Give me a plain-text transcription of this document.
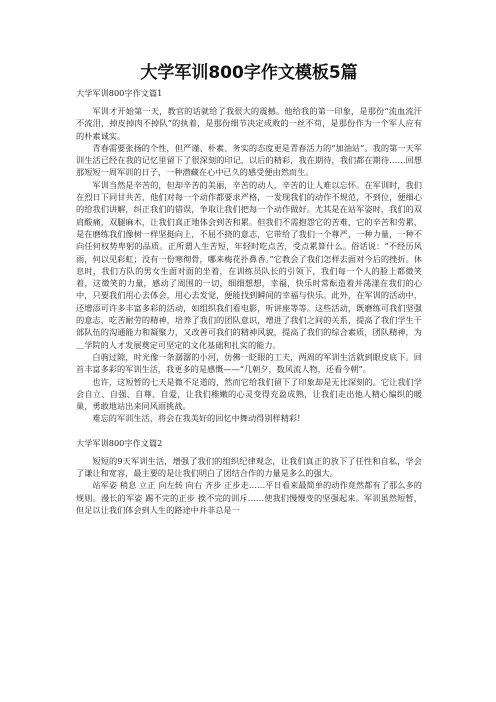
大学军训800字作文模板5篇
大学军训800字作文篇1

军训才开始第一天，教官的话就给了我很大的震撼。他给我的第一印象，是那份“流血流汗不流泪，掉皮掉肉不掉队”的执着，是那份细节决定成败的一丝不苟，是那份作为一个军人应有的朴素诚实。

青春需要张扬的个性，但严谨、朴素、务实的态度更是青春活力的“加油站”。我的第一天军训生活已经在我的记忆里留下了很深刻的印记，以后的精彩，我在期待，我们都在期待……回想那短短一周军训的日子，一种潜藏在心中已久的感受便由然而生。

军训当然是辛苦的，但却辛苦的美丽，辛苦的动人，辛苦的让人难以忘怀。在军训时，我们在烈日下同甘共苦，他们对每一个动作都要求严格，一发现我们的动作不规范，不到位，便细心的给我们讲解，纠正我们的错误，争取让我们把每一个动作做好。尤其是在站军姿时，我们的双肩酸痛，双腿麻木，让我们真正地体会到苦和累。但我们不需抱怨它的苦难，它的辛苦和劳累，是在磨练我们像树一样坚挺向上，不屈不挠的意志，它带给了我们一个尊严，一种力量，一种不向任何权势卑躬的品质。正所谓人生苦短，年轻时吃点苦，受点累算什么。俗话说：“不经历风雨，何以见彩虹；没有一份寒彻骨，哪来梅花扑鼻香。”它教会了我们怎样去面对今后的挫折。休息时，我们方队的男女生面对面的坐着，在训练员队长的引领下，我们每一个人的脸上都微笑着，这微笑的力量，感动了周围的一切，细细想想，幸福，快乐时常酝造着并荡漾在我们的心中，只要我们用心去体会，用心去发觉，便能找到瞬间的幸福与快乐。此外，在军训的活动中，还增添可许多丰富多彩的活动，如组织我们看电影，听讲座等等。这些活动，既磨练可我们坚强的意志，吃苦耐劳的精神，培养了我们的团队意识，增进了我们之间的关系，提高了我们学生干部队伍的沟通能力和凝聚力，又改善可我们的精神风貌，提高了我们的综合素质，团队精神，为＿学院的人才发展奠定可坚定的文化基础和扎实的能力。

白驹过隙，时光像一条潺潺的小河，仿佛一眨眼的工夫，两周的军训生活就到眼皮底下。回首丰富多彩的军训生活，我更多的是感慨——“几朝夕，数风流人物，还看今朝”。

也许，这短暂的七天是微不足道的，然而它给我们留下了印象却是无比深刻的。它让我们学会自立、自强、自尊、自爱，让我们稚嫩的心灵变得充盈成熟，让我们走出他人精心编织的暖巢，勇敢地站出来同风雨挑战。

难忘的军训生活，将会在我美好的回忆中舞动得别样精彩!

大学军训800字作文篇2

短短的9天军训生活，增强了我们的组织纪律观念，让我们真正的放下了任性和自私，学会了谦让和宽容，最主要的是让我们明白了团结合作的力量是多么的强大。

站军姿 稍息 立正 向左转 向右 齐步 正步走……平日看来最简单的动作竟然都有了那么多的规则。漫长的军姿 踢不完的正步 挨不完的训斥……使我们慢慢变的坚强起来。军训虽然短暂，但足以让我们体会到人生的路途中并非总是一
